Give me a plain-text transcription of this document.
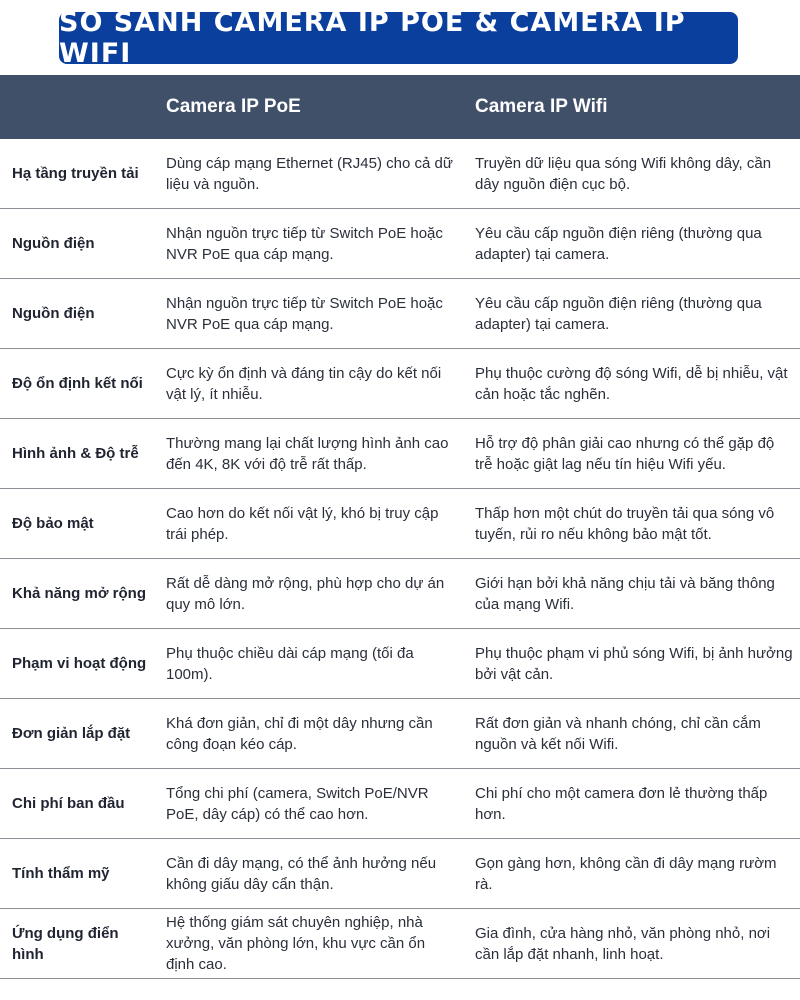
SO SÁNH CAMERA IP POE & CAMERA IP WIFI
Camera IP PoE	Camera IP Wifi
Hạ tầng truyền tải
Dùng cáp mạng Ethernet (RJ45) cho cả dữ liệu và nguồn.
Truyền dữ liệu qua sóng Wifi không dây, cần dây nguồn điện cục bộ.
Nguồn điện
Nhận nguồn trực tiếp từ Switch PoE hoặc NVR PoE qua cáp mạng.
Yêu cầu cấp nguồn điện riêng (thường qua adapter) tại camera.
Nguồn điện
Nhận nguồn trực tiếp từ Switch PoE hoặc NVR PoE qua cáp mạng.
Yêu cầu cấp nguồn điện riêng (thường qua adapter) tại camera.
Độ ổn định kết nối
Cực kỳ ổn định và đáng tin cậy do kết nối vật lý, ít nhiễu.
Phụ thuộc cường độ sóng Wifi, dễ bị nhiễu, vật cản hoặc tắc nghẽn.
Hình ảnh & Độ trễ
Thường mang lại chất lượng hình ảnh cao đến 4K, 8K với độ trễ rất thấp.
Hỗ trợ độ phân giải cao nhưng có thể gặp độ trễ hoặc giật lag nếu tín hiệu Wifi yếu.
Độ bảo mật
Cao hơn do kết nối vật lý, khó bị truy cập trái phép.
Thấp hơn một chút do truyền tải qua sóng vô tuyến, rủi ro nếu không bảo mật tốt.
Khả năng mở rộng
Rất dễ dàng mở rộng, phù hợp cho dự án quy mô lớn.
Giới hạn bởi khả năng chịu tải và băng thông của mạng Wifi.
Phạm vi hoạt động
Phụ thuộc chiều dài cáp mạng (tối đa 100m).
Phụ thuộc phạm vi phủ sóng Wifi, bị ảnh hưởng bởi vật cản.
Đơn giản lắp đặt
Khá đơn giản, chỉ đi một dây nhưng cần công đoạn kéo cáp.
Rất đơn giản và nhanh chóng, chỉ cần cắm nguồn và kết nối Wifi.
Chi phí ban đầu
Tổng chi phí (camera, Switch PoE/NVR PoE, dây cáp) có thể cao hơn.
Chi phí cho một camera đơn lẻ thường thấp hơn.
Tính thẩm mỹ
Cần đi dây mạng, có thể ảnh hưởng nếu không giấu dây cẩn thận.
Gọn gàng hơn, không cần đi dây mạng rườm rà.
Ứng dụng điển hình
Hệ thống giám sát chuyên nghiệp, nhà xưởng, văn phòng lớn, khu vực cần ổn định cao.
Gia đình, cửa hàng nhỏ, văn phòng nhỏ, nơi cần lắp đặt nhanh, linh hoạt.
